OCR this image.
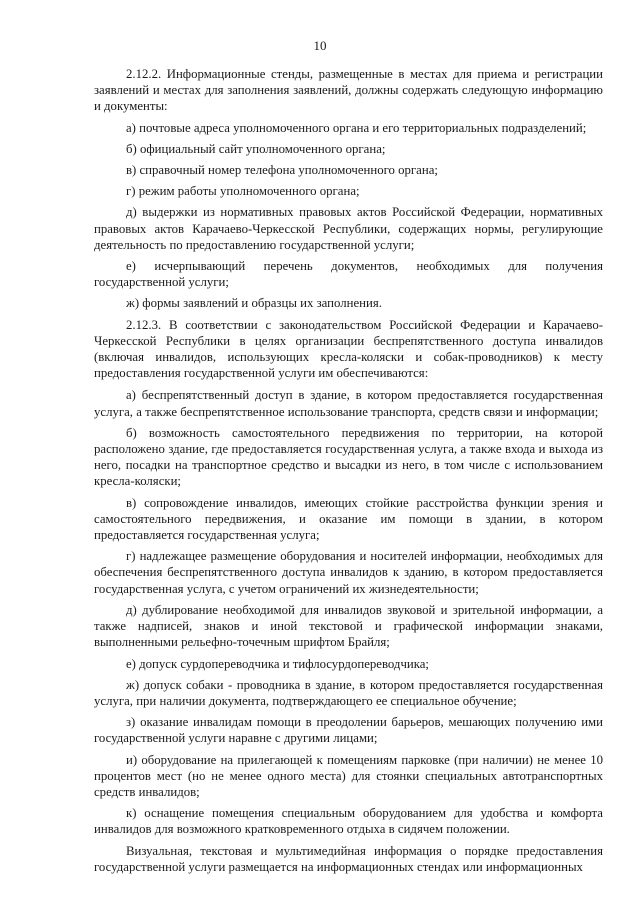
10

2.12.2. Информационные стенды, размещенные в местах для приема и регистрации заявлений и местах для заполнения заявлений, должны содержать следующую информацию и документы:

а) почтовые адреса уполномоченного органа и его территориальных подразделений;

б) официальный сайт уполномоченного органа;

в) справочный номер телефона уполномоченного органа;

г) режим работы уполномоченного органа;

д) выдержки из нормативных правовых актов Российской Федерации, нормативных правовых актов Карачаево-Черкесской Республики, содержащих нормы, регулирующие деятельность по предоставлению государственной услуги;

е) исчерпывающий перечень документов, необходимых для получения государственной услуги;

ж) формы заявлений и образцы их заполнения.

2.12.3. В соответствии с законодательством Российской Федерации и Карачаево-Черкесской Республики в целях организации беспрепятственного доступа инвалидов (включая инвалидов, использующих кресла-коляски и собак-проводников) к месту предоставления государственной услуги им обеспечиваются:

а) беспрепятственный доступ в здание, в котором предоставляется государственная услуга, а также беспрепятственное использование транспорта, средств связи и информации;

б) возможность самостоятельного передвижения по территории, на которой расположено здание, где предоставляется государственная услуга, а также входа и выхода из него, посадки на транспортное средство и высадки из него, в том числе с использованием кресла-коляски;

в) сопровождение инвалидов, имеющих стойкие расстройства функции зрения и самостоятельного передвижения, и оказание им помощи в здании, в котором предоставляется государственная услуга;

г) надлежащее размещение оборудования и носителей информации, необходимых для обеспечения беспрепятственного доступа инвалидов к зданию, в котором предоставляется государственная услуга, с учетом ограничений их жизнедеятельности;

д) дублирование необходимой для инвалидов звуковой и зрительной информации, а также надписей, знаков и иной текстовой и графической информации знаками, выполненными рельефно-точечным шрифтом Брайля;

е) допуск сурдопереводчика и тифлосурдопереводчика;

ж) допуск собаки - проводника в здание, в котором предоставляется государственная услуга, при наличии документа, подтверждающего ее специальное обучение;

з) оказание инвалидам помощи в преодолении барьеров, мешающих получению ими государственной услуги наравне с другими лицами;

и) оборудование на прилегающей к помещениям парковке (при наличии) не менее 10 процентов мест (но не менее одного места) для стоянки специальных автотранспортных средств инвалидов;

к) оснащение помещения специальным оборудованием для удобства и комфорта инвалидов для возможного кратковременного отдыха в сидячем положении.

Визуальная, текстовая и мультимедийная информация о порядке предоставления государственной услуги размещается на информационных стендах или информационных
